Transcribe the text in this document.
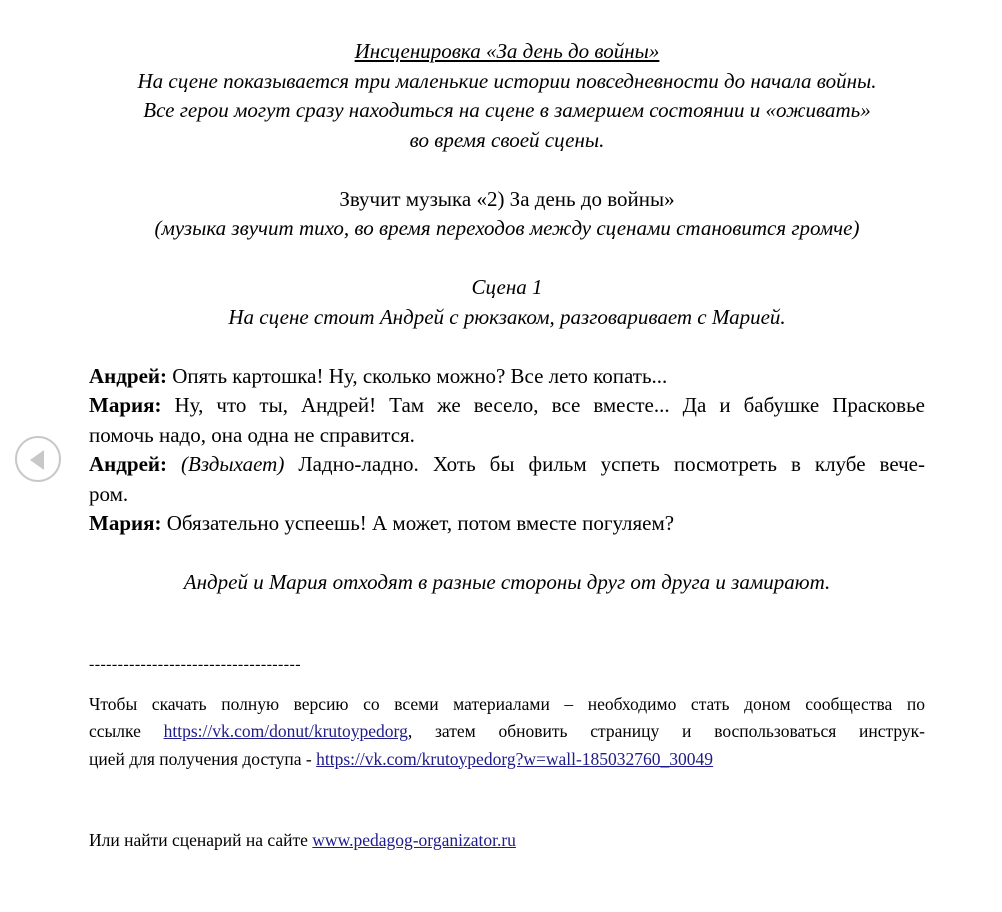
Инсценировка «За день до войны»
На сцене показывается три маленькие истории повседневности до начала войны.
Все герои могут сразу находиться на сцене в замершем состоянии и «оживать»
во время своей сцены.
Звучит музыка «2) За день до войны»
(музыка звучит тихо, во время переходов между сценами становится громче)
Сцена 1
На сцене стоит Андрей с рюкзаком, разговаривает с Марией.
Андрей: Опять картошка! Ну, сколько можно? Все лето копать...
Мария: Ну, что ты, Андрей! Там же весело, все вместе... Да и бабушке Прасковье
помочь надо, она одна не справится.
Андрей: (Вздыхает) Ладно-ладно. Хоть бы фильм успеть посмотреть в клубе вече-
ром.
Мария: Обязательно успеешь! А может, потом вместе погуляем?
Андрей и Мария отходят в разные стороны друг от друга и замирают.
-------------------------------------
Чтобы скачать полную версию со всеми материалами – необходимо стать доном сообщества по
ссылке https://vk.com/donut/krutoypedorg, затем обновить страницу и воспользоваться инструк-
цией для получения доступа - https://vk.com/krutoypedorg?w=wall-185032760_30049
Или найти сценарий на сайте www.pedagog-organizator.ru
